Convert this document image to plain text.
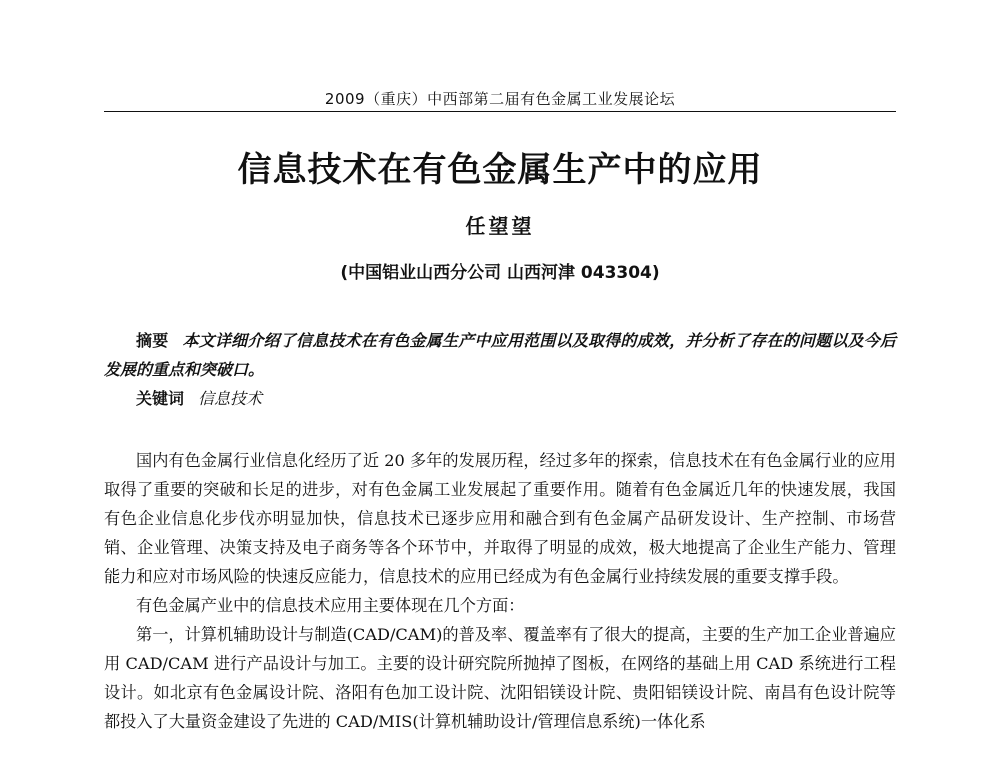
2009（重庆）中西部第二届有色金属工业发展论坛
信息技术在有色金属生产中的应用
任望望
(中国铝业山西分公司 山西河津 043304)

摘要 本文详细介绍了信息技术在有色金属生产中应用范围以及取得的成效，并分析了存在的问题以及今后发展的重点和突破口。

关键词 信息技术

国内有色金属行业信息化经历了近 20 多年的发展历程，经过多年的探索，信息技术在有色金属行业的应用取得了重要的突破和长足的进步，对有色金属工业发展起了重要作用。随着有色金属近几年的快速发展，我国有色企业信息化步伐亦明显加快，信息技术已逐步应用和融合到有色金属产品研发设计、生产控制、市场营销、企业管理、决策支持及电子商务等各个环节中，并取得了明显的成效，极大地提高了企业生产能力、管理能力和应对市场风险的快速反应能力，信息技术的应用已经成为有色金属行业持续发展的重要支撑手段。

有色金属产业中的信息技术应用主要体现在几个方面：

第一，计算机辅助设计与制造(CAD/CAM)的普及率、覆盖率有了很大的提高，主要的生产加工企业普遍应用 CAD/CAM 进行产品设计与加工。主要的设计研究院所抛掉了图板，在网络的基础上用 CAD 系统进行工程设计。如北京有色金属设计院、洛阳有色加工设计院、沈阳铝镁设计院、贵阳铝镁设计院、南昌有色设计院等都投入了大量资金建设了先进的 CAD/MIS(计算机辅助设计/管理信息系统)一体化系
